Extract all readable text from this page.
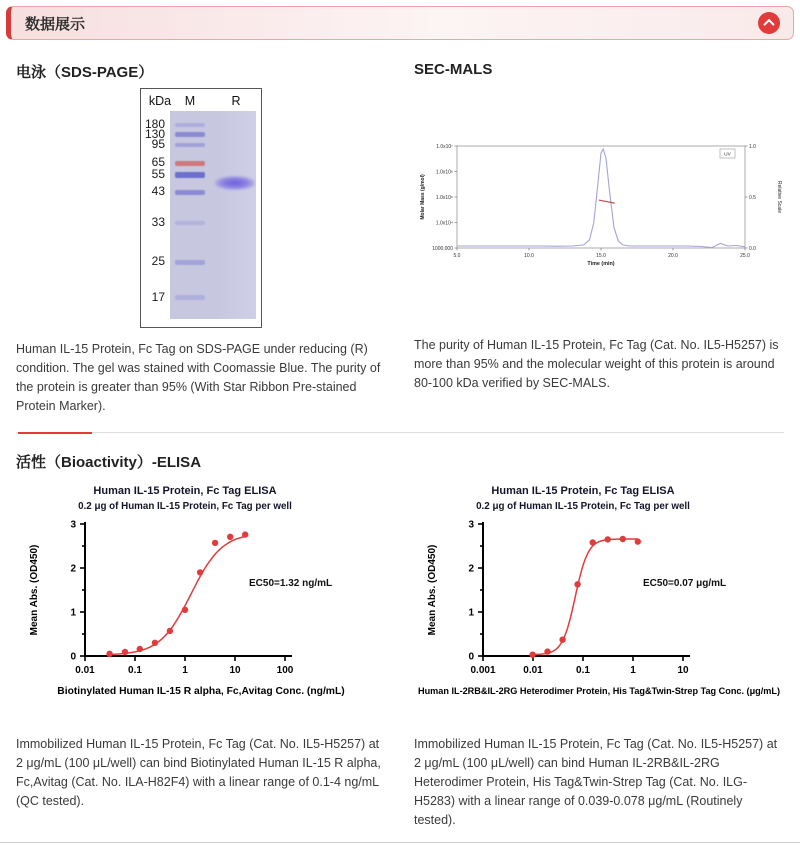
数据展示
电泳（SDS-PAGE）
kDa M	R
180
130
95
65
55
43
33
25
17
Human IL-15 Protein, Fc Tag on SDS-PAGE under reducing (R) condition. The gel was stained with Coomassie Blue. The purity of the protein is greater than 95% (With Star Ribbon Pre-stained Protein Marker).
SEC-MALS
1.0x10⁷
1.0x10⁶
1.0x10⁵
1.0x10⁴
1000.000
1.0
0.5
0.0
5.0	10.0	15.0	20.0	25.0
Time (min)
Molar Mass (g/mol)	Relative Scale
UV
The purity of Human IL-15 Protein, Fc Tag (Cat. No. IL5-H5257) is more than 95% and the molecular weight of this protein is around 80-100 kDa verified by SEC-MALS.
活性（Bioactivity）-ELISA
Human IL-15 Protein, Fc Tag ELISA
0.2 μg of Human IL-15 Protein, Fc Tag per well
0
1
2
3
0.01	0.1	1	10	100
Mean Abs. (OD450)
Biotinylated Human IL-15 R alpha, Fc,Avitag Conc. (ng/mL)
EC50=1.32 ng/mL
Immobilized Human IL-15 Protein, Fc Tag (Cat. No. IL5-H5257) at 2 μg/mL (100 μL/well) can bind Biotinylated Human IL-15 R alpha, Fc,Avitag (Cat. No. ILA-H82F4) with a linear range of 0.1-4 ng/mL (QC tested).
Human IL-15 Protein, Fc Tag ELISA
0.2 μg of Human IL-15 Protein, Fc Tag per well
0
1
2
3
0.001	0.01	0.1	1	10
Mean Abs. (OD450)
Human IL-2RB&IL-2RG Heterodimer Protein, His Tag&Twin-Strep Tag Conc. (μg/mL)
EC50=0.07 μg/mL
Immobilized Human IL-15 Protein, Fc Tag (Cat. No. IL5-H5257) at 2 μg/mL (100 μL/well) can bind Human IL-2RB&IL-2RG Heterodimer Protein, His Tag&Twin-Strep Tag (Cat. No. ILG-H5283) with a linear range of 0.039-0.078 μg/mL (Routinely tested).
